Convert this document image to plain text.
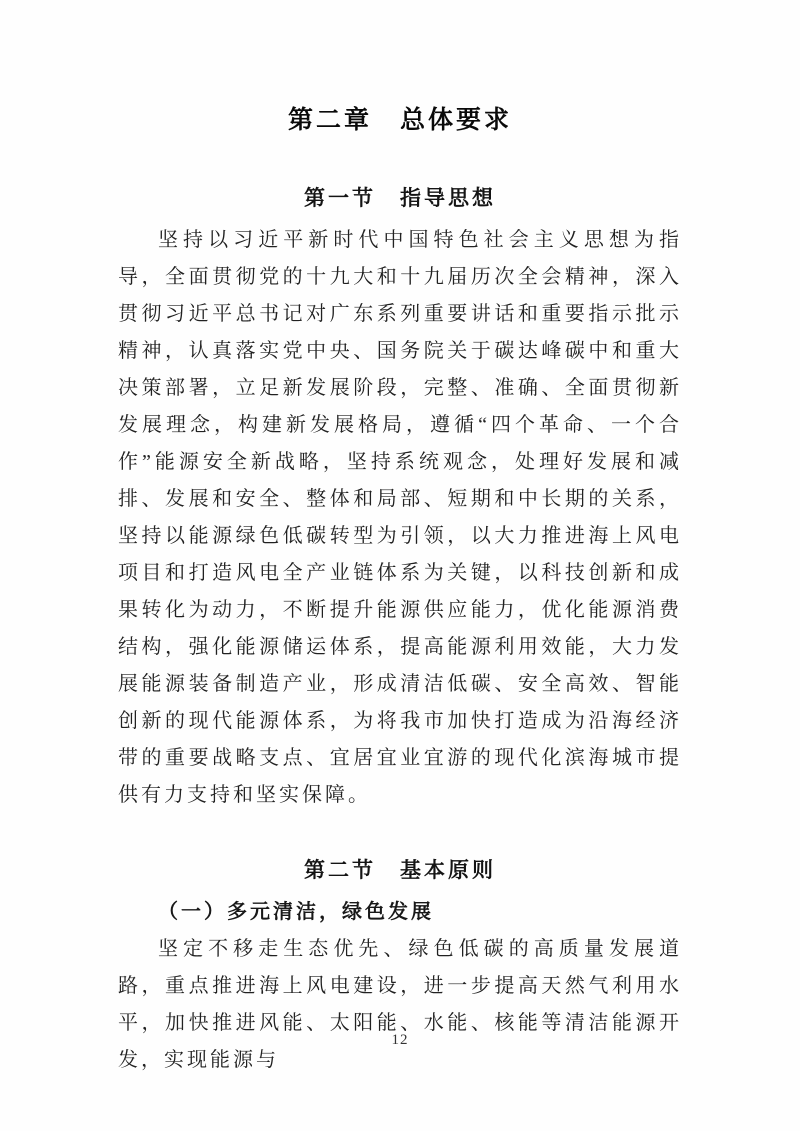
第二章　总体要求
第一节　指导思想

坚持以习近平新时代中国特色社会主义思想为指导，全面贯彻党的十九大和十九届历次全会精神，深入贯彻习近平总书记对广东系列重要讲话和重要指示批示精神，认真落实党中央、国务院关于碳达峰碳中和重大决策部署，立足新发展阶段，完整、准确、全面贯彻新发展理念，构建新发展格局，遵循“四个革命、一个合作”能源安全新战略，坚持系统观念，处理好发展和减排、发展和安全、整体和局部、短期和中长期的关系，坚持以能源绿色低碳转型为引领，以大力推进海上风电项目和打造风电全产业链体系为关键，以科技创新和成果转化为动力，不断提升能源供应能力，优化能源消费结构，强化能源储运体系，提高能源利用效能，大力发展能源装备制造产业，形成清洁低碳、安全高效、智能创新的现代能源体系，为将我市加快打造成为沿海经济带的重要战略支点、宜居宜业宜游的现代化滨海城市提供有力支持和坚实保障。

第二节　基本原则
（一）多元清洁，绿色发展

坚定不移走生态优先、绿色低碳的高质量发展道路，重点推进海上风电建设，进一步提高天然气利用水平，加快推进风能、太阳能、水能、核能等清洁能源开发，实现能源与

12
